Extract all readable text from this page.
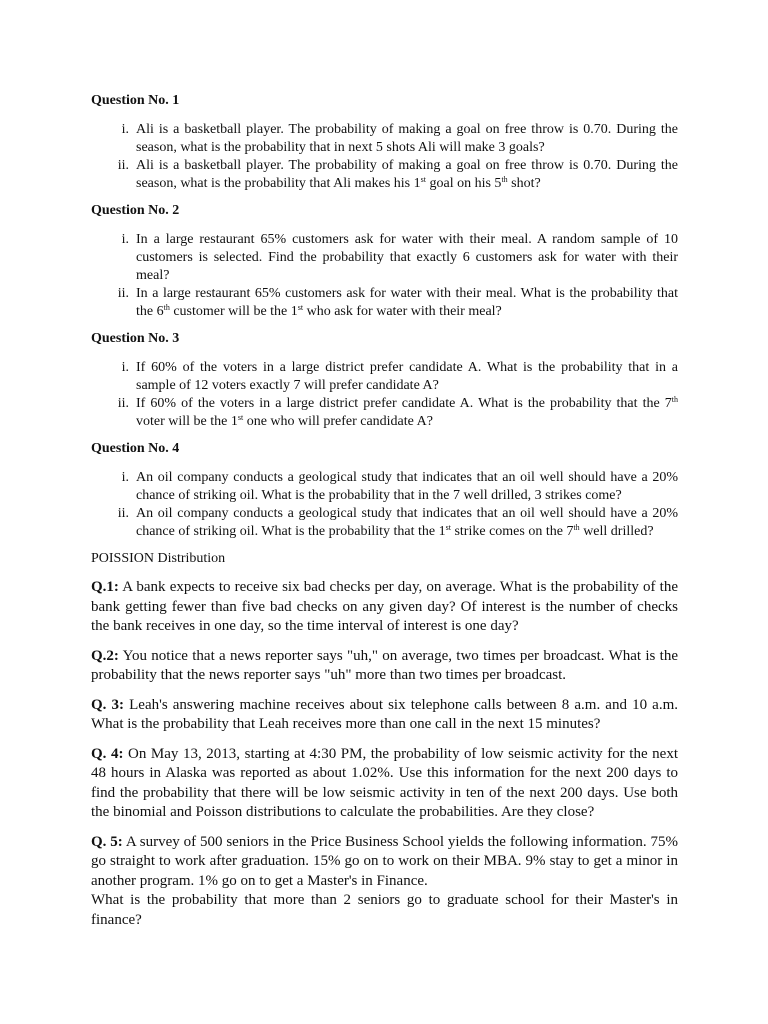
Question No. 1
i. Ali is a basketball player. The probability of making a goal on free throw is 0.70. During the season, what is the probability that in next 5 shots Ali will make 3 goals?
ii. Ali is a basketball player. The probability of making a goal on free throw is 0.70. During the season, what is the probability that Ali makes his 1st goal on his 5th shot?
Question No. 2
i. In a large restaurant 65% customers ask for water with their meal. A random sample of 10 customers is selected. Find the probability that exactly 6 customers ask for water with their meal?
ii. In a large restaurant 65% customers ask for water with their meal. What is the probability that the 6th customer will be the 1st who ask for water with their meal?
Question No. 3
i. If 60% of the voters in a large district prefer candidate A. What is the probability that in a sample of 12 voters exactly 7 will prefer candidate A?
ii. If 60% of the voters in a large district prefer candidate A. What is the probability that the 7th voter will be the 1st one who will prefer candidate A?
Question No. 4
i. An oil company conducts a geological study that indicates that an oil well should have a 20% chance of striking oil. What is the probability that in the 7 well drilled, 3 strikes come?
ii. An oil company conducts a geological study that indicates that an oil well should have a 20% chance of striking oil. What is the probability that the 1st strike comes on the 7th well drilled?
POISSION Distribution

Q.1: A bank expects to receive six bad checks per day, on average. What is the probability of the bank getting fewer than five bad checks on any given day? Of interest is the number of checks the bank receives in one day, so the time interval of interest is one day?

Q.2: You notice that a news reporter says "uh," on average, two times per broadcast. What is the probability that the news reporter says "uh" more than two times per broadcast.

Q. 3: Leah's answering machine receives about six telephone calls between 8 a.m. and 10 a.m. What is the probability that Leah receives more than one call in the next 15 minutes?

Q. 4: On May 13, 2013, starting at 4:30 PM, the probability of low seismic activity for the next 48 hours in Alaska was reported as about 1.02%. Use this information for the next 200 days to find the probability that there will be low seismic activity in ten of the next 200 days. Use both the binomial and Poisson distributions to calculate the probabilities. Are they close?

Q. 5: A survey of 500 seniors in the Price Business School yields the following information. 75% go straight to work after graduation. 15% go on to work on their MBA. 9% stay to get a minor in another program. 1% go on to get a Master's in Finance.

What is the probability that more than 2 seniors go to graduate school for their Master's in finance?
